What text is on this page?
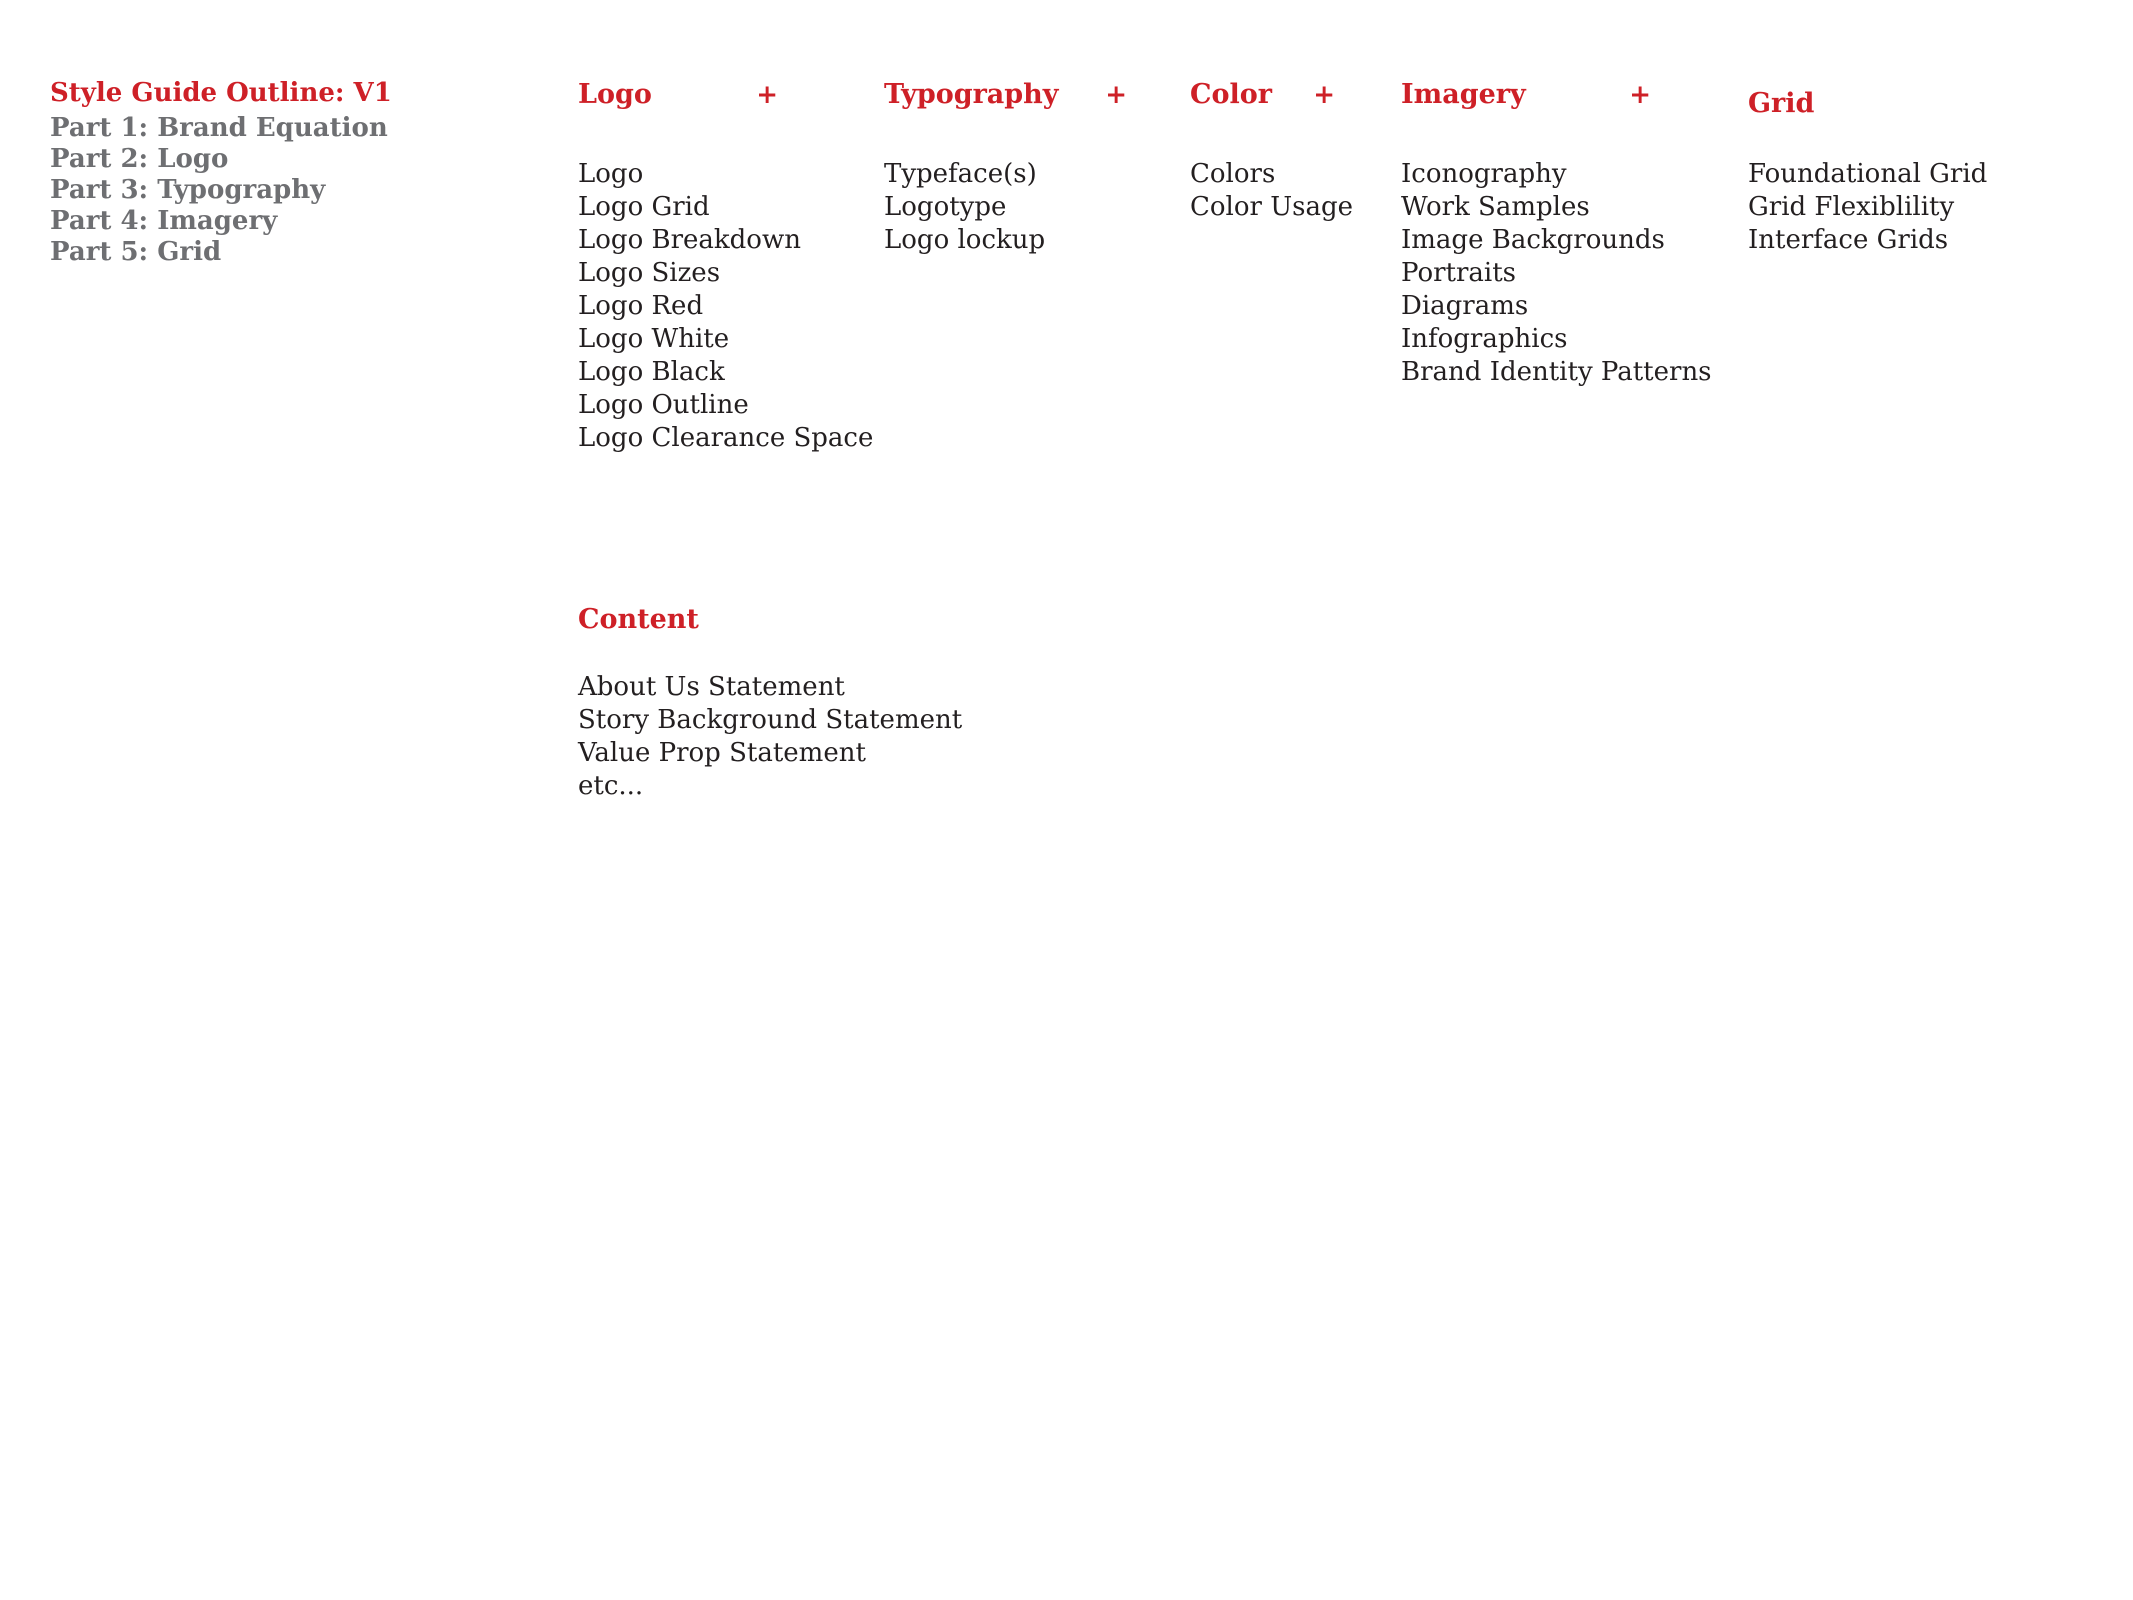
Style Guide Outline: V1
Part 1: Brand Equation
Part 2: Logo
Part 3: Typography
Part 4: Imagery
Part 5: Grid
Logo	+
Logo
Logo Grid
Logo Breakdown
Logo Sizes
Logo Red
Logo White
Logo Black
Logo Outline
Logo Clearance Space
Typography +
Typeface(s)
Logotype
Logo lockup
Color +
Colors
Color Usage
Imagery	+
Iconography
Work Samples
Image Backgrounds
Portraits
Diagrams
Infographics
Brand Identity Patterns
Grid
Foundational Grid
Grid Flexiblility
Interface Grids
Content
About Us Statement
Story Background Statement
Value Prop Statement
etc...
